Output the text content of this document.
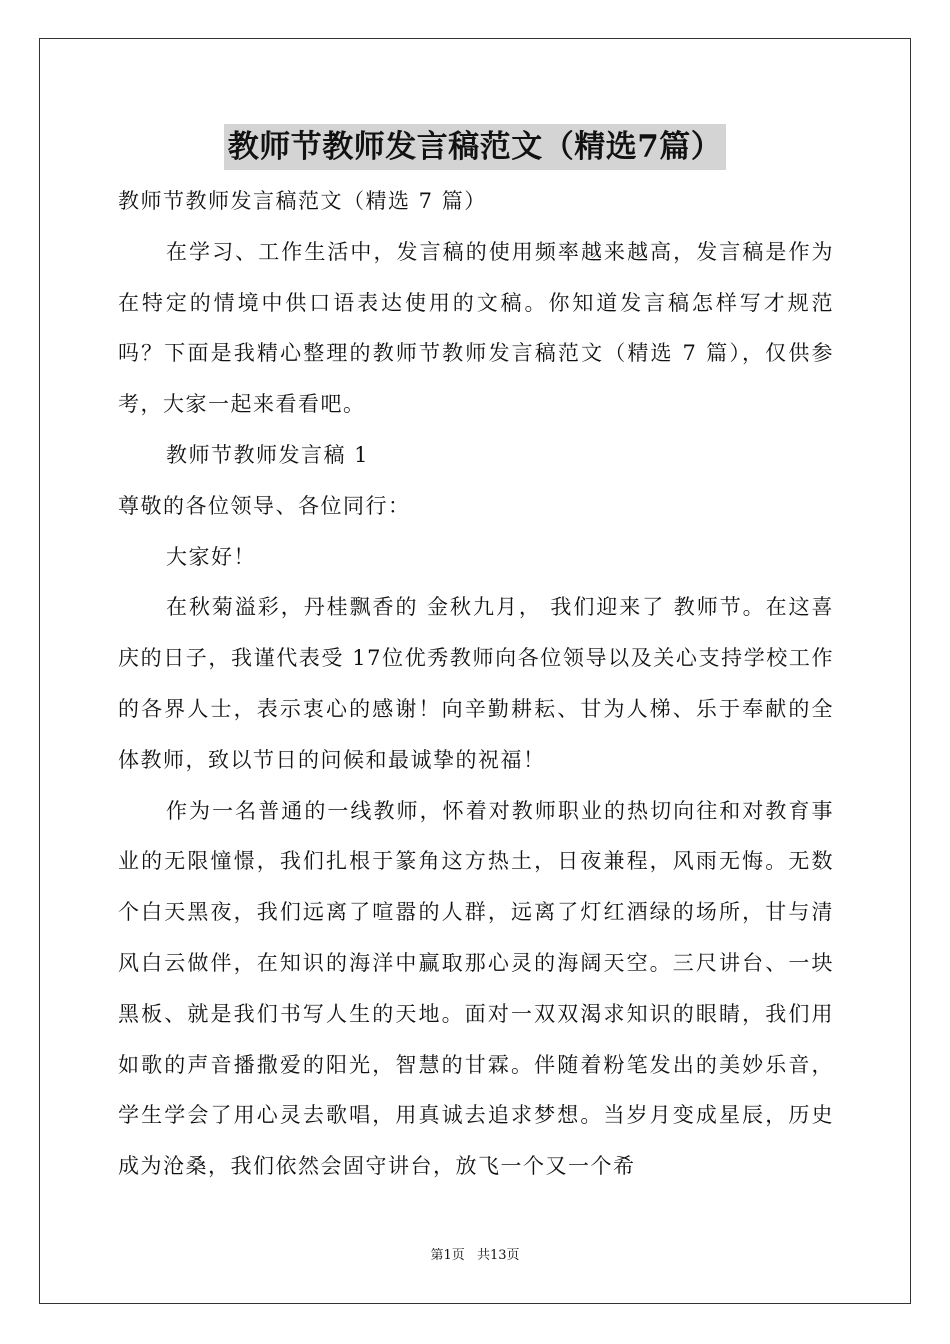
教师节教师发言稿范文（精选7篇）

教师节教师发言稿范文（精选 7 篇）

在学习、工作生活中，发言稿的使用频率越来越高，发言稿是作为在特定的情境中供口语表达使用的文稿。你知道发言稿怎样写才规范吗？下面是我精心整理的教师节教师发言稿范文（精选 7 篇），仅供参考，大家一起来看看吧。

教师节教师发言稿 1

尊敬的各位领导、各位同行：

大家好！

在秋菊溢彩，丹桂飘香的 金秋九月， 我们迎来了 教师节。在这喜庆的日子，我谨代表受 17位优秀教师向各位领导以及关心支持学校工作的各界人士，表示衷心的感谢！向辛勤耕耘、甘为人梯、乐于奉献的全体教师，致以节日的问候和最诚挚的祝福！

作为一名普通的一线教师，怀着对教师职业的热切向往和对教育事业的无限憧憬，我们扎根于篆角这方热土，日夜兼程，风雨无悔。无数个白天黑夜，我们远离了喧嚣的人群，远离了灯红酒绿的场所，甘与清风白云做伴，在知识的海洋中赢取那心灵的海阔天空。三尺讲台、一块黑板、就是我们书写人生的天地。面对一双双渴求知识的眼睛，我们用如歌的声音播撒爱的阳光，智慧的甘霖。伴随着粉笔发出的美妙乐音，学生学会了用心灵去歌唱，用真诚去追求梦想。当岁月变成星辰，历史成为沧桑，我们依然会固守讲台，放飞一个又一个希

第1页 共13页
